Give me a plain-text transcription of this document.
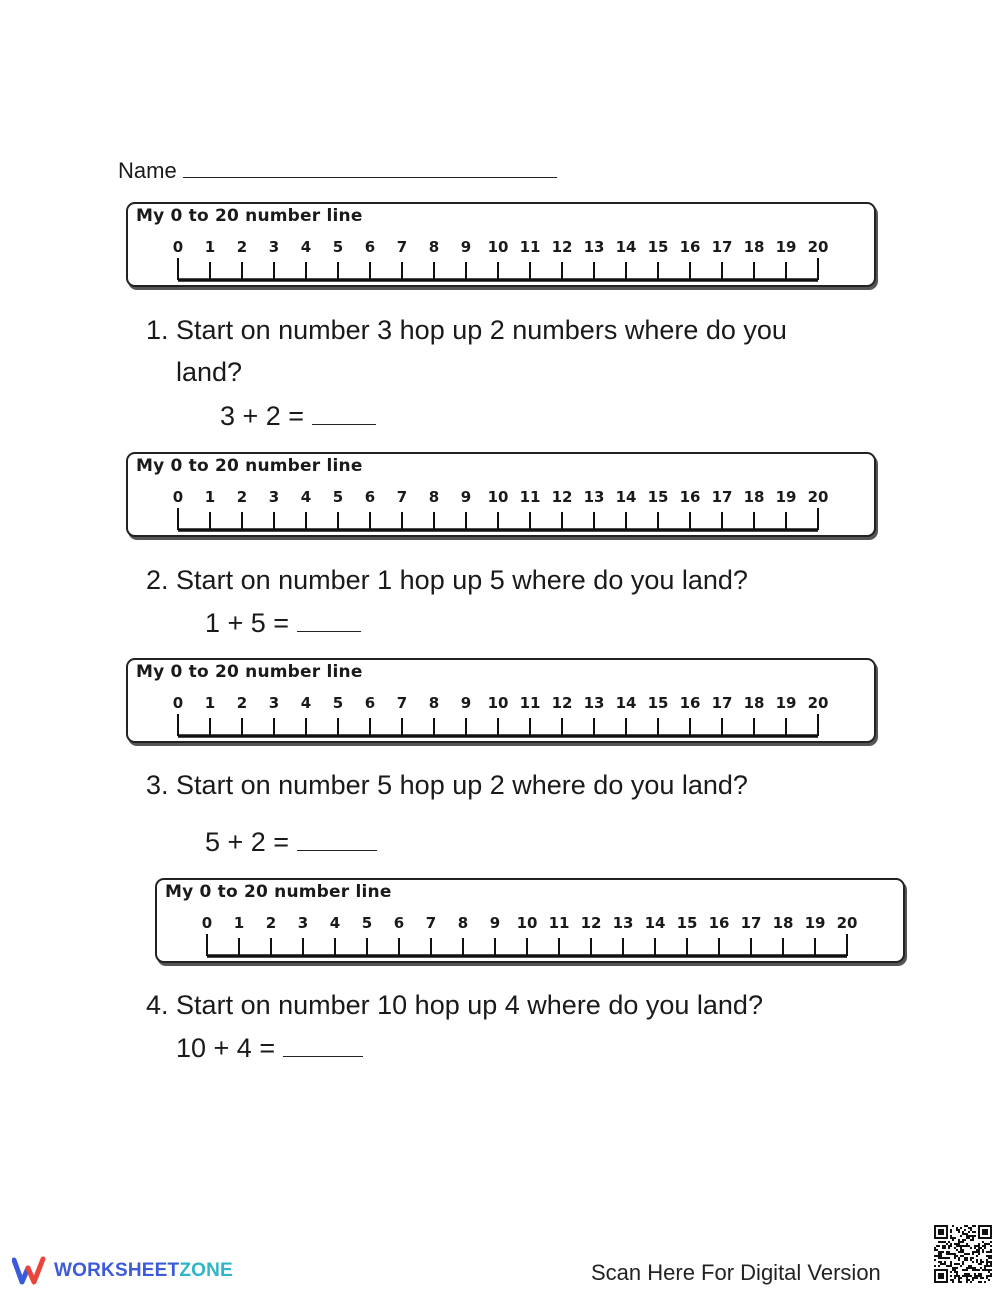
Name
My 0 to 20 number line
0 1 2 3 4 5 6 7 8 9 10 11 12 13 14 15 16 17 18 19 20
My 0 to 20 number line
0 1 2 3 4 5 6 7 8 9 10 11 12 13 14 15 16 17 18 19 20
My 0 to 20 number line
0 1 2 3 4 5 6 7 8 9 10 11 12 13 14 15 16 17 18 19 20
My 0 to 20 number line
0 1 2 3 4 5 6 7 8 9 10 11 12 13 14 15 16 17 18 19 20
1. Start on number 3 hop up 2 numbers where do you
land?
3 + 2 =
2. Start on number 1 hop up 5 where do you land?
1 + 5 =
3. Start on number 5 hop up 2 where do you land?
5 + 2 =
4. Start on number 10 hop up 4 where do you land?
10 + 4 =
WORKSHEETZONE	Scan Here For Digital Version
